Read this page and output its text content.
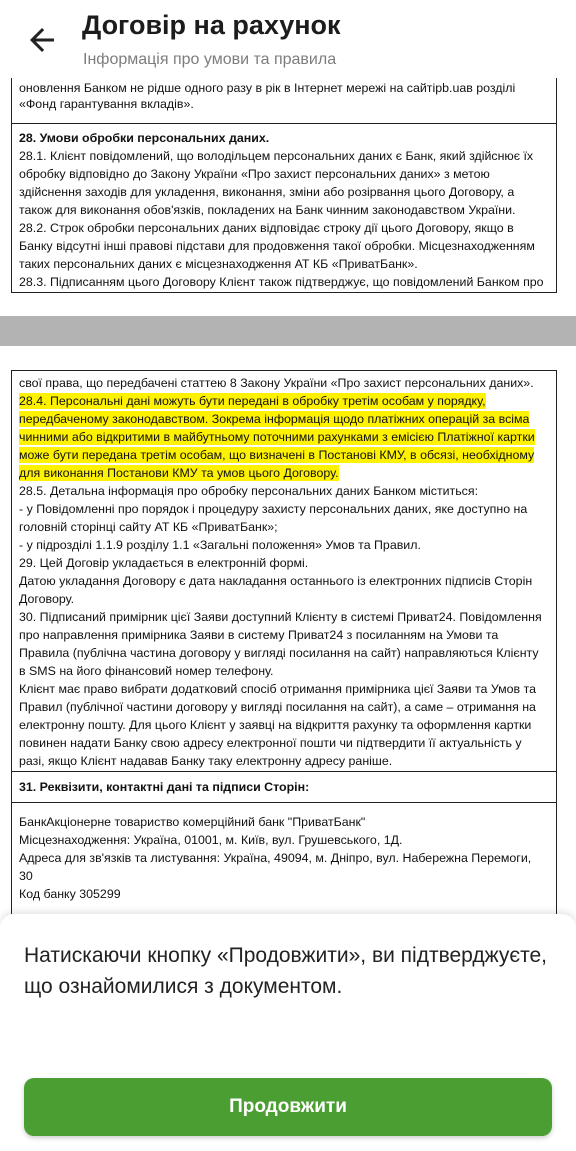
Договір на рахунок
Інформація про умови та правила
оновлення Банком не рідше одного разу в рік в Інтернет мережі на сайтіpb.uaв розділі
«Фонд гарантування вкладів».
28. Умови обробки персональних даних.
28.1. Клієнт повідомлений, що володільцем персональних даних є Банк, який здійснює їх
обробку відповідно до Закону України «Про захист персональних даних» з метою
здійснення заходів для укладення, виконання, зміни або розірвання цього Договору, а
також для виконання обов'язків, покладених на Банк чинним законодавством України.
28.2. Строк обробки персональних даних відповідає строку дії цього Договору, якщо в
Банку відсутні інші правові підстави для продовження такої обробки. Місцезнаходженням
таких персональних даних є місцезнаходження АТ КБ «ПриватБанк».
28.3. Підписанням цього Договору Клієнт також підтверджує, що повідомлений Банком про
свої права, що передбачені статтею 8 Закону України «Про захист персональних даних».
28.4. Персональні дані можуть бути передані в обробку третім особам у порядку,
передбаченому законодавством. Зокрема інформація щодо платіжних операцій за всіма
чинними або відкритими в майбутньому поточними рахунками з емісією Платіжної картки
може бути передана третім особам, що визначені в Постанові КМУ, в обсязі, необхідному
для виконання Постанови КМУ та умов цього Договору.
28.5. Детальна інформація про обробку персональних даних Банком міститься:
- у Повідомленні про порядок і процедуру захисту персональних даних, яке доступно на
головній сторінці сайту АТ КБ «ПриватБанк»;
- у підрозділі 1.1.9 розділу 1.1 «Загальні положення» Умов та Правил.
29. Цей Договір укладається в електронній формі.
Датою укладання Договору є дата накладання останнього із електронних підписів Сторін
Договору.
30. Підписаний примірник цієї Заяви доступний Клієнту в системі Приват24. Повідомлення
про направлення примірника Заяви в систему Приват24 з посиланням на Умови та
Правила (публічна частина договору у вигляді посилання на сайт) направляються Клієнту
в SMS на його фінансовий номер телефону.
Клієнт має право вибрати додатковий спосіб отримання примірника цієї Заяви та Умов та
Правил (публічної частини договору у вигляді посилання на сайт), а саме – отримання на
електронну пошту. Для цього Клієнт у заявці на відкриття рахунку та оформлення картки
повинен надати Банку свою адресу електронної пошти чи підтвердити її актуальність у
разі, якщо Клієнт надавав Банку таку електронну адресу раніше.
31. Реквізити, контактні дані та підписи Сторін:
БанкАкціонерне товариство комерційний банк "ПриватБанк"
Місцезнаходження: Україна, 01001, м. Київ, вул. Грушевського, 1Д.
Адреса для зв'язків та листування: Україна, 49094, м. Дніпро, вул. Набережна Перемоги,
30
Код банку 305299
Натискаючи кнопку «Продовжити», ви підтверджуєте, що ознайомилися з документом.
Продовжити
